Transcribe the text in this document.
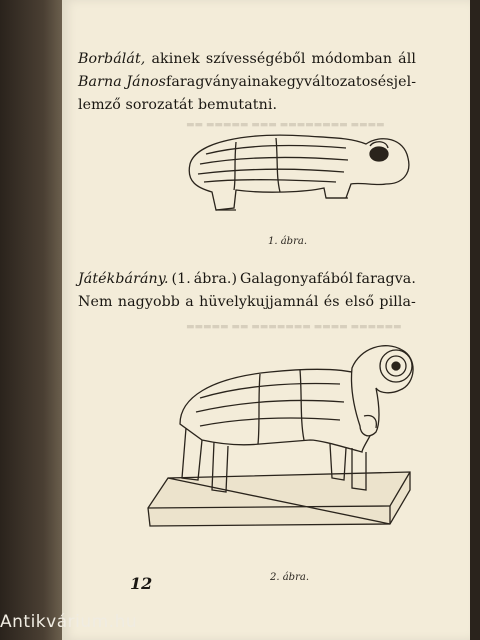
▬▬ ▬▬▬▬▬ ▬▬▬ ▬▬▬▬▬▬▬▬ ▬▬▬▬
▬▬▬▬▬ ▬▬ ▬▬▬▬▬▬▬ ▬▬▬▬ ▬▬▬▬▬▬
Borbálát, akinek szívességéből módomban áll
Barna János faragványainak egy változatos és jel-
lemző sorozatát bemutatni.
1. ábra.
Játékbárány. (1. ábra.) Galagonyafából faragva.
Nem nagyobb a hüvelykujjamnál és első pilla-
2. ábra.
12
Antikvárium.hu
